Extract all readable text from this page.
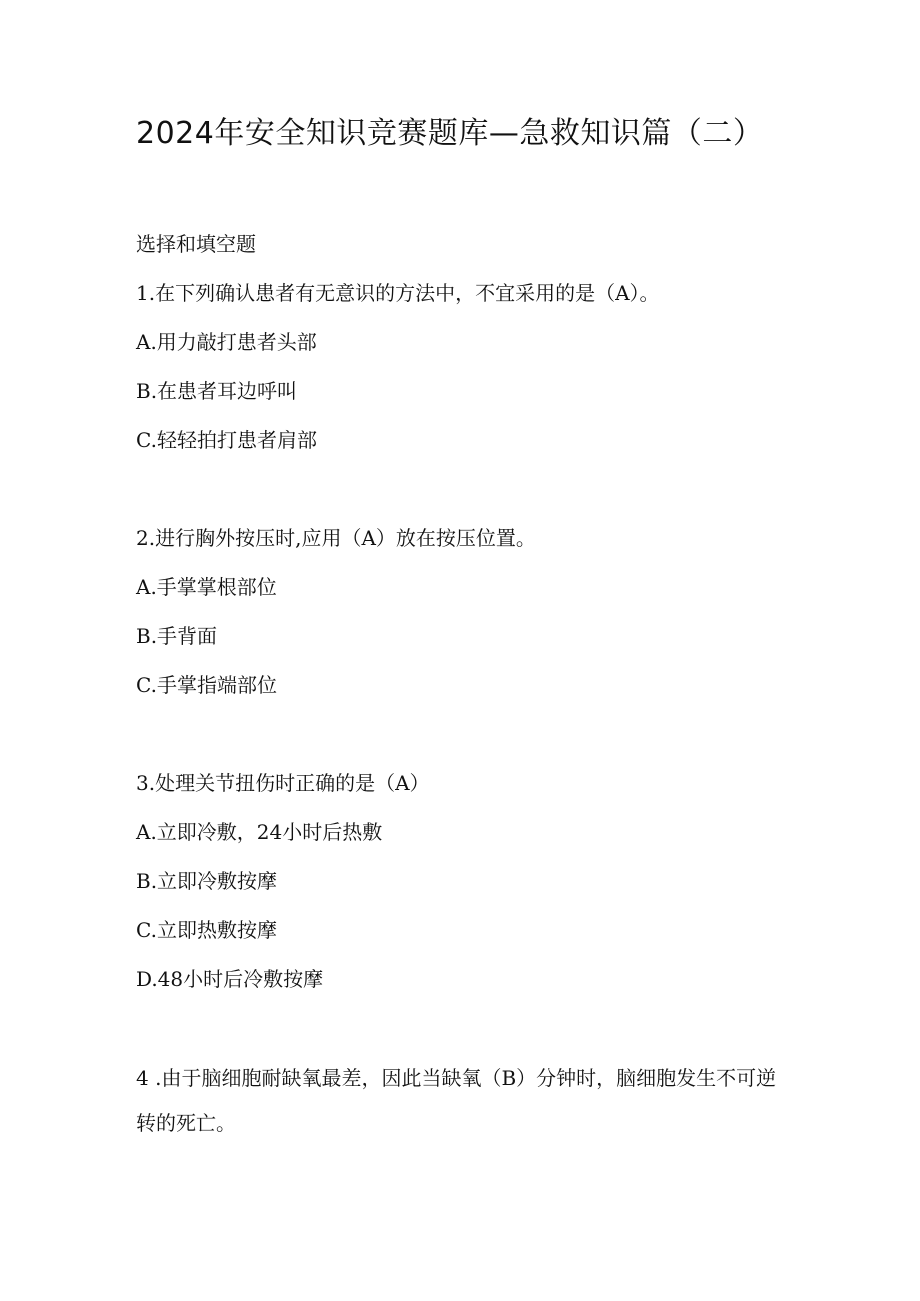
2024年安全知识竞赛题库—急救知识篇（二）

选择和填空题

1.在下列确认患者有无意识的方法中，不宜采用的是（A）。

A.用力敲打患者头部

B.在患者耳边呼叫

C.轻轻拍打患者肩部

2.进行胸外按压时,应用（A）放在按压位置。

A.手掌掌根部位

B.手背面

C.手掌指端部位

3.处理关节扭伤时正确的是（A）

A.立即冷敷，24小时后热敷

B.立即冷敷按摩

C.立即热敷按摩

D.48小时后冷敷按摩

4 .由于脑细胞耐缺氧最差，因此当缺氧（B）分钟时，脑细胞发生不可逆转的死亡。
